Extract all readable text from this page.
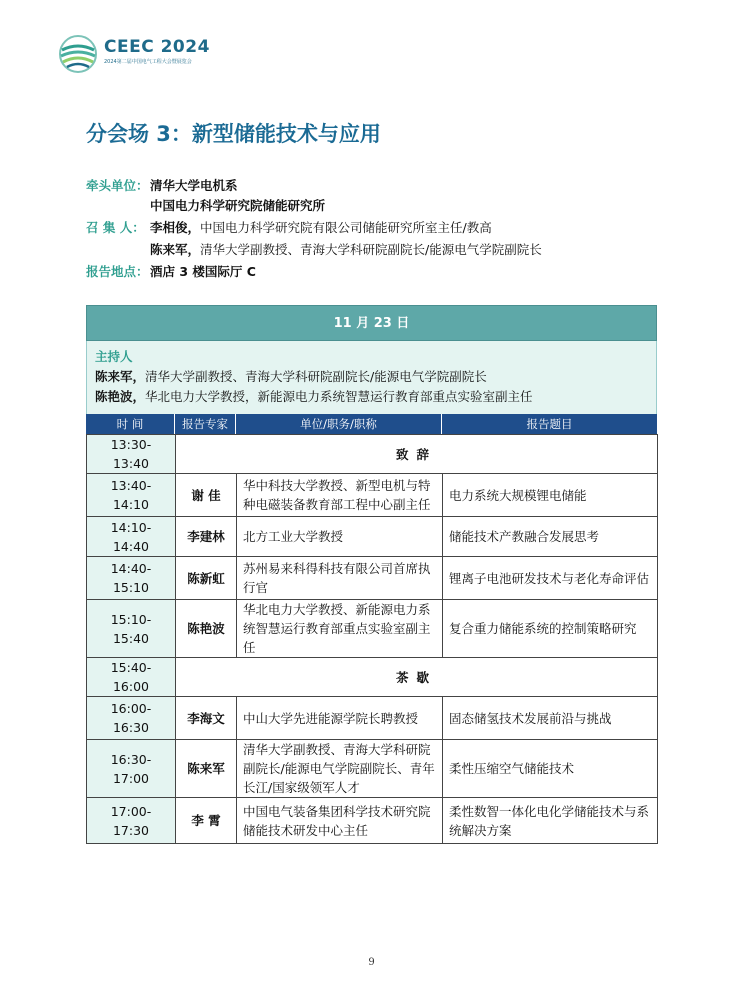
CEEC 2024
2024第二届中国电气工程大会暨展览会
分会场 3：新型储能技术与应用
牵头单位：清华大学电机系
中国电力科学研究院储能研究所
召 集 人： 李相俊，中国电力科学研究院有限公司储能研究所室主任/教高
陈来军，清华大学副教授、青海大学科研院副院长/能源电气学院副院长
报告地点：酒店 3 楼国际厅 C
11 月 23 日
主持人
陈来军，清华大学副教授、青海大学科研院副院长/能源电气学院副院长
陈艳波，华北电力大学教授，新能源电力系统智慧运行教育部重点实验室副主任
时 间	报告专家	单位/职务/职称	报告题目
13:30-13:40	致辞		
13:40-14:10	谢 佳	华中科技大学教授、新型电机与特种电磁装备教育部工程中心副主任	电力系统大规模锂电储能
14:10-14:40	李建林	北方工业大学教授	储能技术产教融合发展思考
14:40-15:10	陈新虹	苏州易来科得科技有限公司首席执行官	锂离子电池研发技术与老化寿命评估
15:10-15:40	陈艳波	华北电力大学教授、新能源电力系统智慧运行教育部重点实验室副主任	复合重力储能系统的控制策略研究
15:40-16:00	茶歇		
16:00-16:30	李海文	中山大学先进能源学院长聘教授	固态储氢技术发展前沿与挑战
16:30-17:00	陈来军	清华大学副教授、青海大学科研院副院长/能源电气学院副院长、青年长江/国家级领军人才	柔性压缩空气储能技术
17:00-17:30	李 霄	中国电气装备集团科学技术研究院储能技术研发中心主任	柔性数智一体化电化学储能技术与系统解决方案
9
